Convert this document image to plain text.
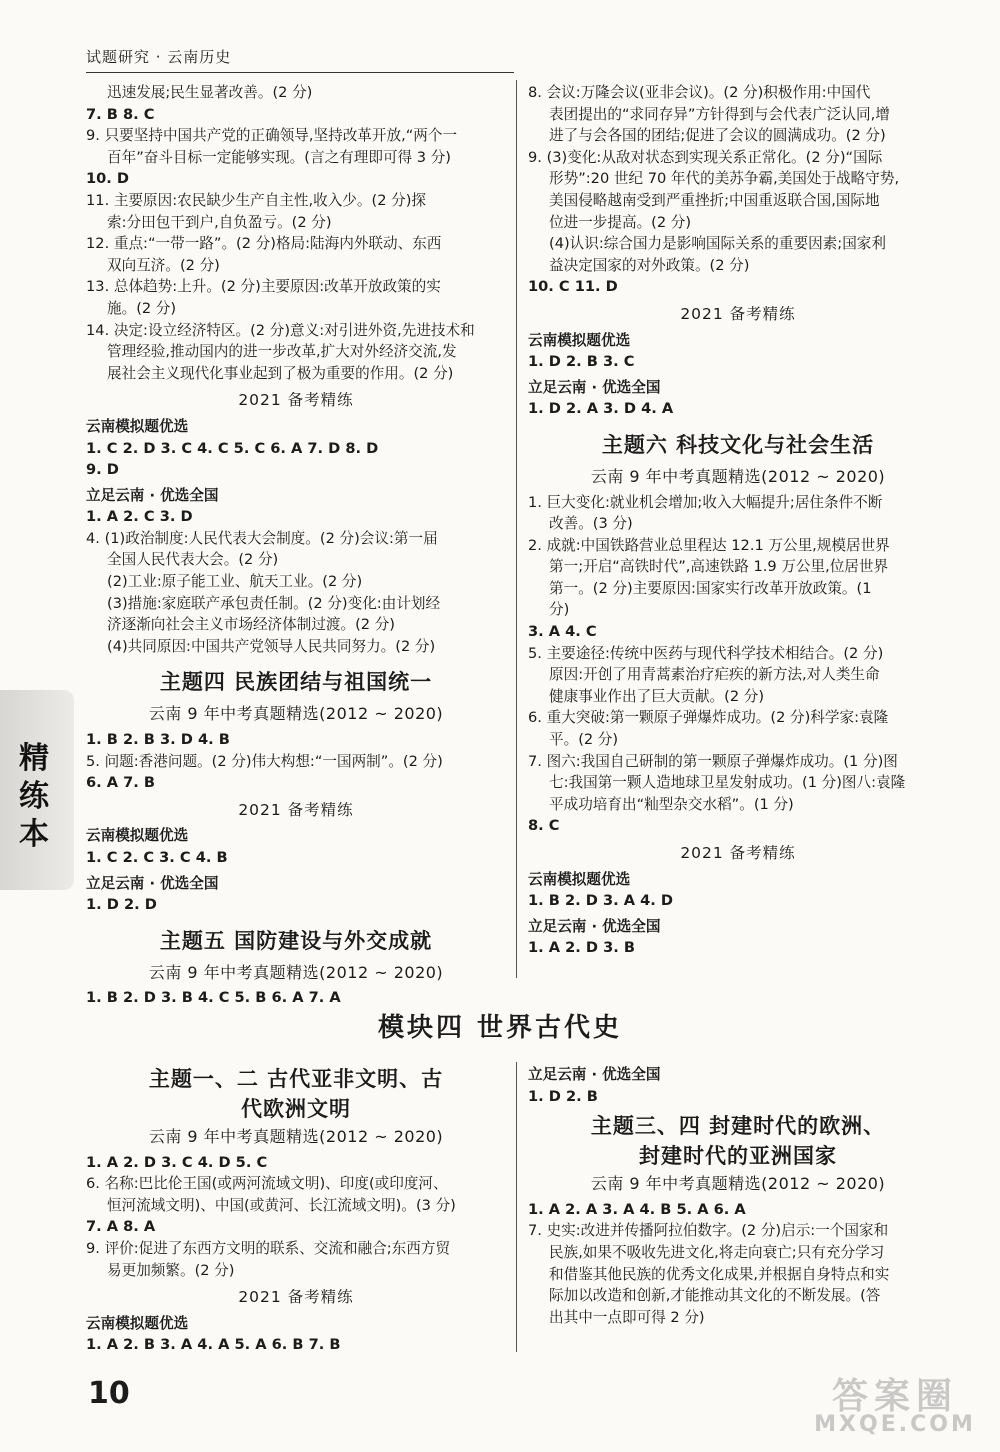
试题研究 · 云南历史

迅速发展;民生显著改善。(2 分)

7. B 8. C

9. 只要坚持中国共产党的正确领导,坚持改革开放,“两个一

百年”奋斗目标一定能够实现。(言之有理即可得 3 分)

10. D

11. 主要原因:农民缺少生产自主性,收入少。(2 分)探

索:分田包干到户,自负盈亏。(2 分)

12. 重点:“一带一路”。(2 分)格局:陆海内外联动、东西

双向互济。(2 分)

13. 总体趋势:上升。(2 分)主要原因:改革开放政策的实

施。(2 分)

14. 决定:设立经济特区。(2 分)意义:对引进外资,先进技术和

管理经验,推动国内的进一步改革,扩大对外经济交流,发

展社会主义现代化事业起到了极为重要的作用。(2 分)

2021 备考精练

云南模拟题优选

1. C 2. D 3. C 4. C 5. C 6. A 7. D 8. D

9. D

立足云南 · 优选全国

1. A 2. C 3. D

4. (1)政治制度:人民代表大会制度。(2 分)会议:第一届

全国人民代表大会。(2 分)

(2)工业:原子能工业、航天工业。(2 分)

(3)措施:家庭联产承包责任制。(2 分)变化:由计划经

济逐渐向社会主义市场经济体制过渡。(2 分)

(4)共同原因:中国共产党领导人民共同努力。(2 分)

主题四 民族团结与祖国统一

云南 9 年中考真题精选(2012 ~ 2020)

1. B 2. B 3. D 4. B

5. 问题:香港问题。(2 分)伟大构想:“一国两制”。(2 分)

6. A 7. B

2021 备考精练

云南模拟题优选

1. C 2. C 3. C 4. B

立足云南 · 优选全国

1. D 2. D

主题五 国防建设与外交成就

云南 9 年中考真题精选(2012 ~ 2020)

1. B 2. D 3. B 4. C 5. B 6. A 7. A

8. 会议:万隆会议(亚非会议)。(2 分)积极作用:中国代

表团提出的“求同存异”方针得到与会代表广泛认同,增

进了与会各国的团结;促进了会议的圆满成功。(2 分)

9. (3)变化:从敌对状态到实现关系正常化。(2 分)“国际

形势”:20 世纪 70 年代的美苏争霸,美国处于战略守势,

美国侵略越南受到严重挫折;中国重返联合国,国际地

位进一步提高。(2 分)

(4)认识:综合国力是影响国际关系的重要因素;国家利

益决定国家的对外政策。(2 分)

10. C 11. D

2021 备考精练

云南模拟题优选

1. D 2. B 3. C

立足云南 · 优选全国

1. D 2. A 3. D 4. A

主题六 科技文化与社会生活

云南 9 年中考真题精选(2012 ~ 2020)

1. 巨大变化:就业机会增加;收入大幅提升;居住条件不断

改善。(3 分)

2. 成就:中国铁路营业总里程达 12.1 万公里,规模居世界

第一;开启“高铁时代”,高速铁路 1.9 万公里,位居世界

第一。(2 分)主要原因:国家实行改革开放政策。(1

分)

3. A 4. C

5. 主要途径:传统中医药与现代科学技术相结合。(2 分)

原因:开创了用青蒿素治疗疟疾的新方法,对人类生命

健康事业作出了巨大贡献。(2 分)

6. 重大突破:第一颗原子弹爆炸成功。(2 分)科学家:袁隆

平。(2 分)

7. 图六:我国自己研制的第一颗原子弹爆炸成功。(1 分)图

七:我国第一颗人造地球卫星发射成功。(1 分)图八:袁隆

平成功培育出“籼型杂交水稻”。(1 分)

8. C

2021 备考精练

云南模拟题优选

1. B 2. D 3. A 4. D

立足云南 · 优选全国

1. A 2. D 3. B

模块四 世界古代史

主题一、二 古代亚非文明、古

代欧洲文明

云南 9 年中考真题精选(2012 ~ 2020)

1. A 2. D 3. C 4. D 5. C

6. 名称:巴比伦王国(或两河流域文明)、印度(或印度河、

恒河流域文明)、中国(或黄河、长江流域文明)。(3 分)

7. A 8. A

9. 评价:促进了东西方文明的联系、交流和融合;东西方贸

易更加频繁。(2 分)

2021 备考精练

云南模拟题优选

1. A 2. B 3. A 4. A 5. A 6. B 7. B

立足云南 · 优选全国

1. D 2. B

主题三、四 封建时代的欧洲、

封建时代的亚洲国家

云南 9 年中考真题精选(2012 ~ 2020)

1. A 2. A 3. A 4. B 5. A 6. A

7. 史实:改进并传播阿拉伯数字。(2 分)启示:一个国家和

民族,如果不吸收先进文化,将走向衰亡;只有充分学习

和借鉴其他民族的优秀文化成果,并根据自身特点和实

际加以改造和创新,才能推动其文化的不断发展。(答

出其中一点即可得 2 分)

精练本
10	答案圈
MXQE.COM
